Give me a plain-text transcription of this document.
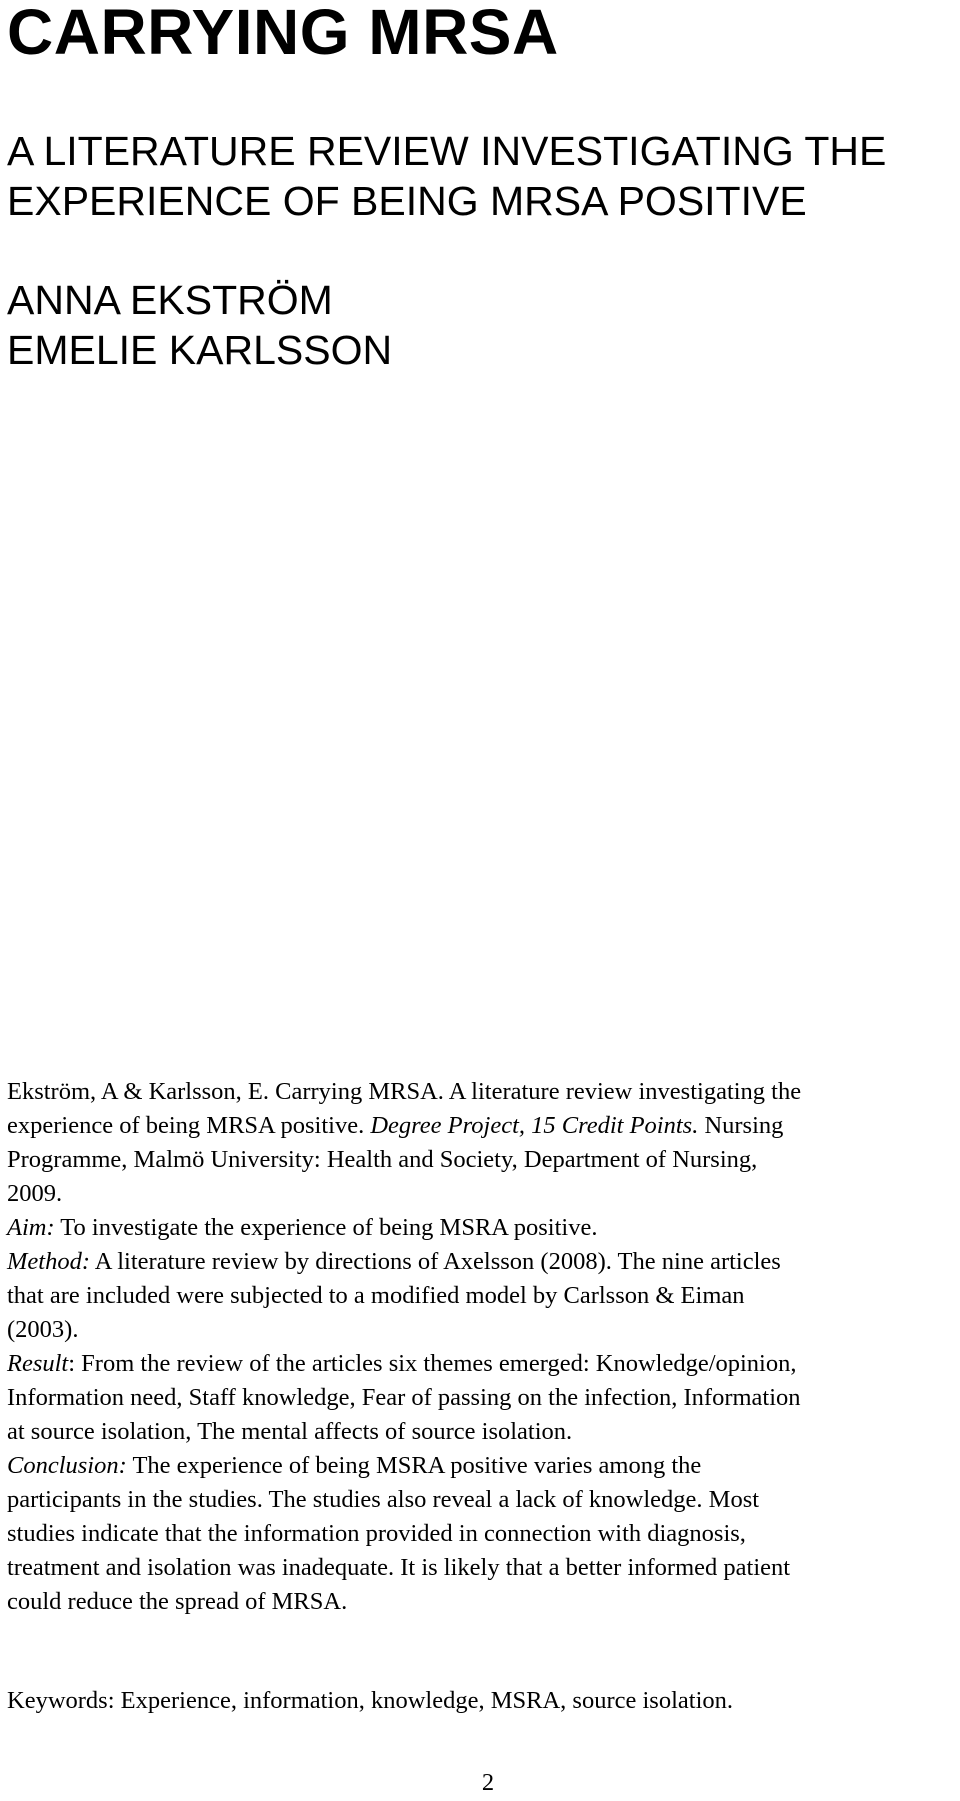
CARRYING MRSA
A LITERATURE REVIEW INVESTIGATING THE
EXPERIENCE OF BEING MRSA POSITIVE
ANNA EKSTRÖM
EMELIE KARLSSON

Ekström, A & Karlsson, E. Carrying MRSA. A literature review investigating the
experience of being MRSA positive. Degree Project, 15 Credit Points. Nursing
Programme, Malmö University: Health and Society, Department of Nursing,
2009.

Aim: To investigate the experience of being MSRA positive.
Method: A literature review by directions of Axelsson (2008). The nine articles
that are included were subjected to a modified model by Carlsson & Eiman
(2003).
Result: From the review of the articles six themes emerged: Knowledge/opinion,
Information need, Staff knowledge, Fear of passing on the infection, Information
at source isolation, The mental affects of source isolation.
Conclusion: The experience of being MSRA positive varies among the
participants in the studies. The studies also reveal a lack of knowledge. Most
studies indicate that the information provided in connection with diagnosis,
treatment and isolation was inadequate. It is likely that a better informed patient
could reduce the spread of MRSA.

Keywords: Experience, information, knowledge, MSRA, source isolation.

2
